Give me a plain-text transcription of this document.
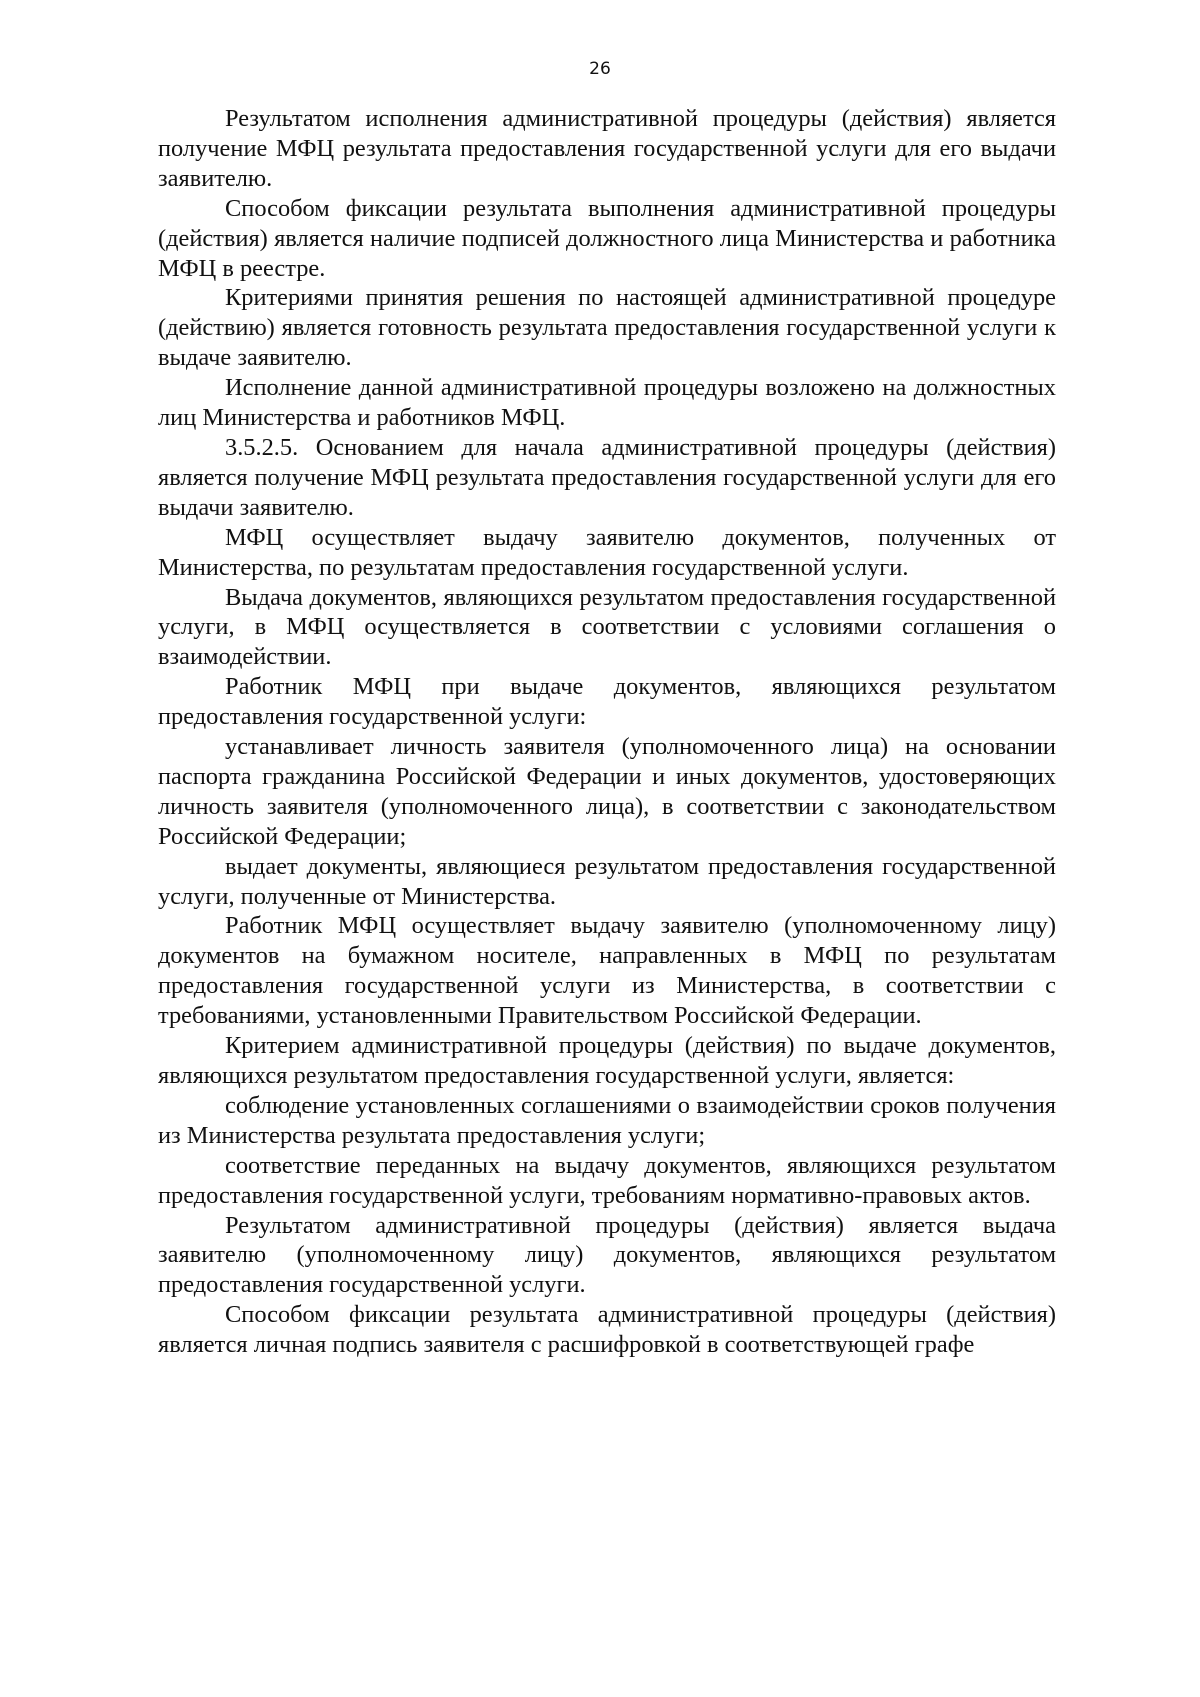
26

Результатом исполнения административной процедуры (действия) является получение МФЦ результата предоставления государственной услуги для его выдачи заявителю.

Способом фиксации результата выполнения административной процедуры (действия) является наличие подписей должностного лица Министерства и работника МФЦ в реестре.

Критериями принятия решения по настоящей административной процедуре (действию) является готовность результата предоставления государственной услуги к выдаче заявителю.

Исполнение данной административной процедуры возложено на должностных лиц Министерства и работников МФЦ.

3.5.2.5. Основанием для начала административной процедуры (действия) является получение МФЦ результата предоставления государственной услуги для его выдачи заявителю.

МФЦ осуществляет выдачу заявителю документов, полученных от Министерства, по результатам предоставления государственной услуги.

Выдача документов, являющихся результатом предоставления государственной услуги, в МФЦ осуществляется в соответствии с условиями соглашения о взаимодействии.

Работник МФЦ при выдаче документов, являющихся результатом предоставления государственной услуги:

устанавливает личность заявителя (уполномоченного лица) на основании паспорта гражданина Российской Федерации и иных документов, удостоверяющих личность заявителя (уполномоченного лица), в соответствии с законодательством Российской Федерации;

выдает документы, являющиеся результатом предоставления государственной услуги, полученные от Министерства.

Работник МФЦ осуществляет выдачу заявителю (уполномоченному лицу) документов на бумажном носителе, направленных в МФЦ по результатам предоставления государственной услуги из Министерства, в соответствии с требованиями, установленными Правительством Российской Федерации.

Критерием административной процедуры (действия) по выдаче документов, являющихся результатом предоставления государственной услуги, является:

соблюдение установленных соглашениями о взаимодействии сроков получения из Министерства результата предоставления услуги;

соответствие переданных на выдачу документов, являющихся результатом предоставления государственной услуги, требованиям нормативно-правовых актов.

Результатом административной процедуры (действия) является выдача заявителю (уполномоченному лицу) документов, являющихся результатом предоставления государственной услуги.

Способом фиксации результата административной процедуры (действия) является личная подпись заявителя с расшифровкой в соответствующей графе
